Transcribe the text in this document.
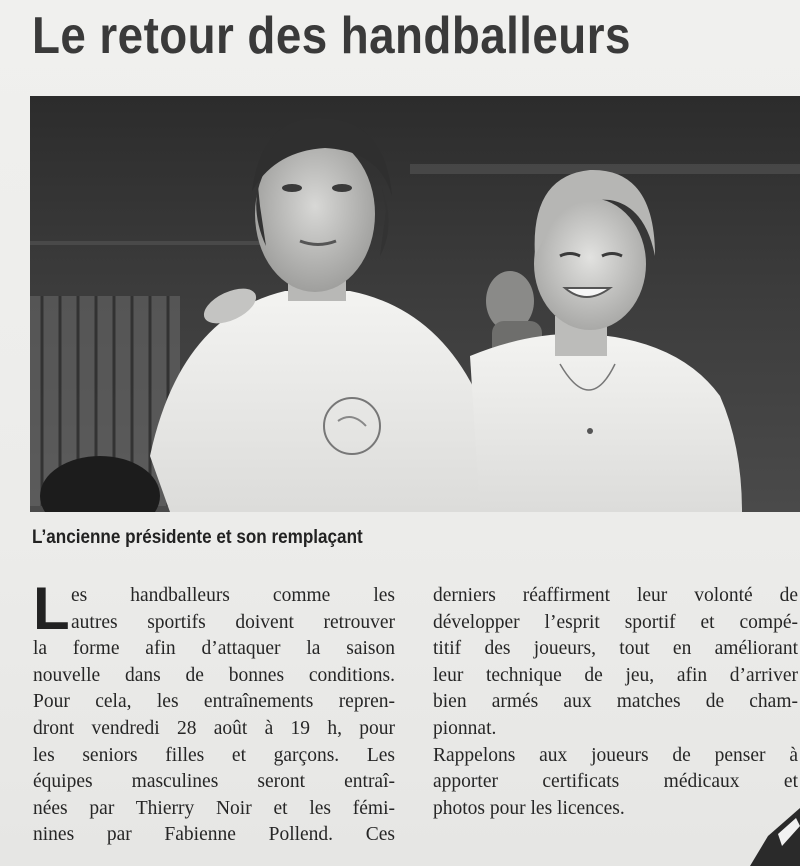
Le retour des handballeurs

L’ancienne présidente et son remplaçant

L es handballeurs comme les
autres sportifs doivent retrouver
la forme afin d’attaquer la saison
nouvelle dans de bonnes conditions.
Pour cela, les entraînements repren-
dront vendredi 28 août à 19 h, pour
les seniors filles et garçons. Les
équipes masculines seront entraî-
nées par Thierry Noir et les fémi-
nines par Fabienne Pollend. Ces
derniers réaffirment leur volonté de
développer l’esprit sportif et compé-
titif des joueurs, tout en améliorant
leur technique de jeu, afin d’arriver
bien armés aux matches de cham-
pionnat.
Rappelons aux joueurs de penser à
apporter certificats médicaux et
photos pour les licences.
